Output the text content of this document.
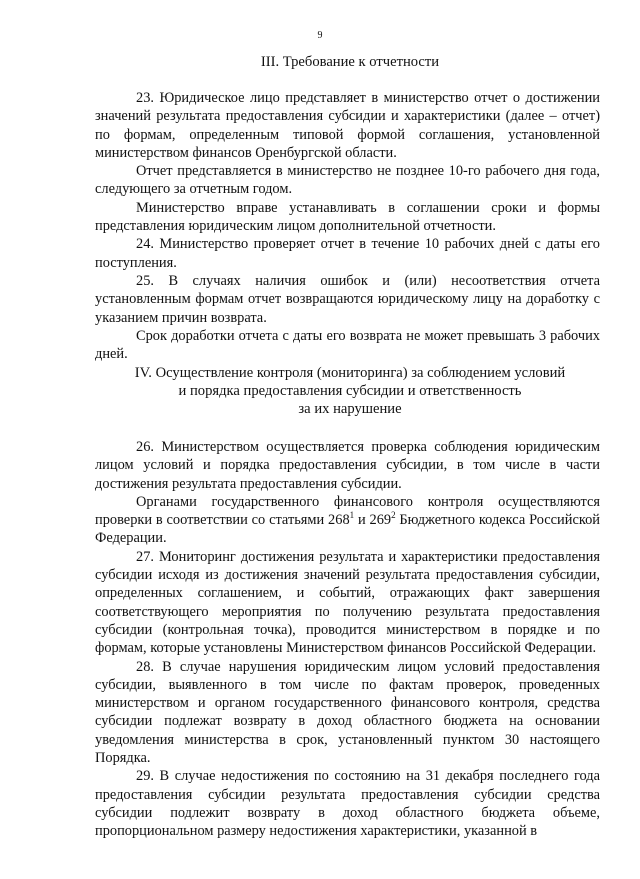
9
III. Требование к отчетности

23. Юридическое лицо представляет в министерство отчет о достижении значений результата предоставления субсидии и характеристики (далее – отчет) по формам, определенным типовой формой соглашения, установленной министерством финансов Оренбургской области.

Отчет представляется в министерство не позднее 10-го рабочего дня года, следующего за отчетным годом.

Министерство вправе устанавливать в соглашении сроки и формы представления юридическим лицом дополнительной отчетности.

24. Министерство проверяет отчет в течение 10 рабочих дней с даты его поступления.

25. В случаях наличия ошибок и (или) несоответствия отчета установленным формам отчет возвращаются юридическому лицу на доработку с указанием причин возврата.

Срок доработки отчета с даты его возврата не может превышать 3 рабочих дней.

IV. Осуществление контроля (мониторинга) за соблюдением условий
и порядка предоставления субсидии и ответственность
за их нарушение

26. Министерством осуществляется проверка соблюдения юридическим лицом условий и порядка предоставления субсидии, в том числе в части достижения результата предоставления субсидии.

Органами государственного финансового контроля осуществляются проверки в соответствии со статьями $268^1$ и $269^2$ Бюджетного кодекса Российской Федерации.

27. Мониторинг достижения результата и характеристики предоставления субсидии исходя из достижения значений результата предоставления субсидии, определенных соглашением, и событий, отражающих факт завершения соответствующего мероприятия по получению результата предоставления субсидии (контрольная точка), проводится министерством в порядке и по формам, которые установлены Министерством финансов Российской Федерации.

28. В случае нарушения юридическим лицом условий предоставления субсидии, выявленного в том числе по фактам проверок, проведенных министерством и органом государственного финансового контроля, средства субсидии подлежат возврату в доход областного бюджета на основании уведомления министерства в срок, установленный пунктом 30 настоящего Порядка.

29. В случае недостижения по состоянию на 31 декабря последнего года предоставления субсидии результата предоставления субсидии средства субсидии подлежит возврату в доход областного бюджета объеме, пропорциональном размеру недостижения характеристики, указанной в
